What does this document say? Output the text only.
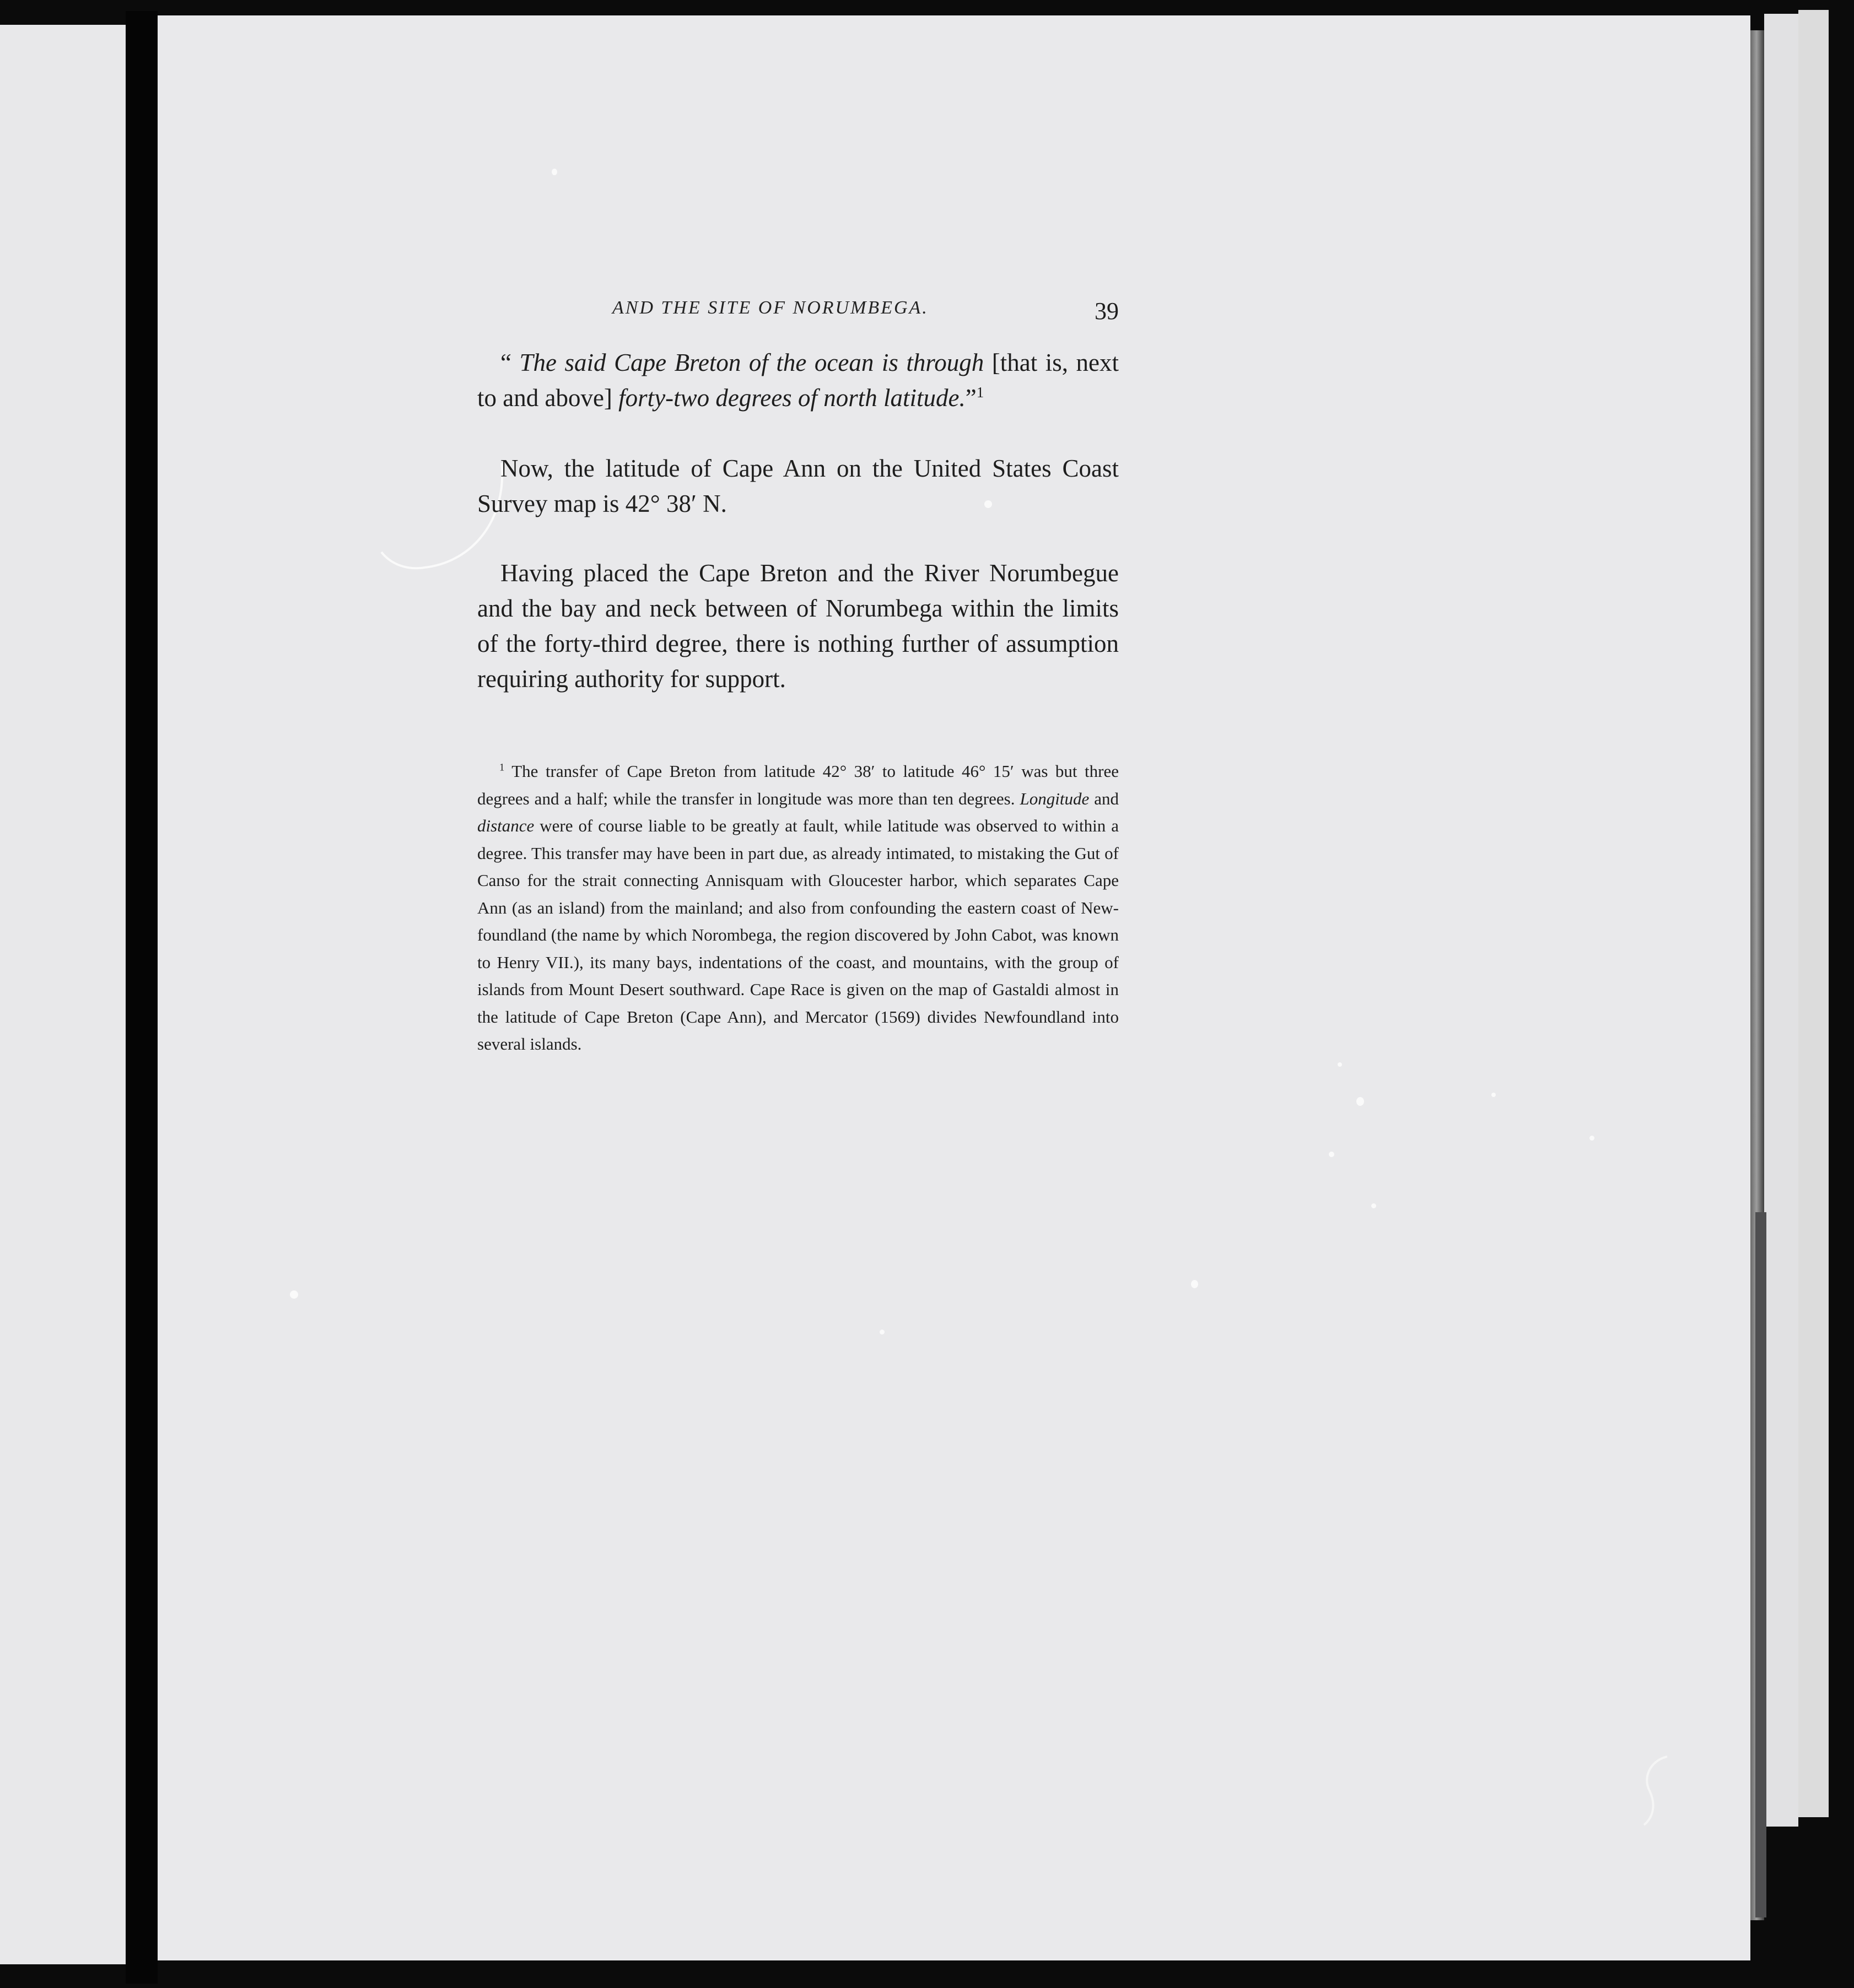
AND THE SITE OF NORUMBEGA.	39

“ The said Cape Breton of the ocean is through [that is, next to and above] forty-two degrees of north latitude.”$^1$

Now, the latitude of Cape Ann on the United States Coast Survey map is 42° 38′ N.

Having placed the Cape Breton and the River Norumbegue and the bay and neck between of Norumbega within the limits of the forty-third degree, there is nothing further of assumption requiring authority for support.

$^1$ The transfer of Cape Breton from latitude 42° 38′ to latitude 46° 15′ was but three degrees and a half; while the transfer in longitude was more than ten degrees. Longitude and distance were of course liable to be greatly at fault, while latitude was observed to within a degree. This transfer may have been in part due, as already intimated, to mistaking the Gut of Canso for the strait connecting Annisquam with Gloucester harbor, which separates Cape Ann (as an island) from the mainland; and also from confounding the eastern coast of New-foundland (the name by which Norombega, the region discovered by John Cabot, was known to Henry VII.), its many bays, indentations of the coast, and mountains, with the group of islands from Mount Desert southward. Cape Race is given on the map of Gastaldi almost in the latitude of Cape Breton (Cape Ann), and Mercator (1569) divides Newfoundland into several islands.
